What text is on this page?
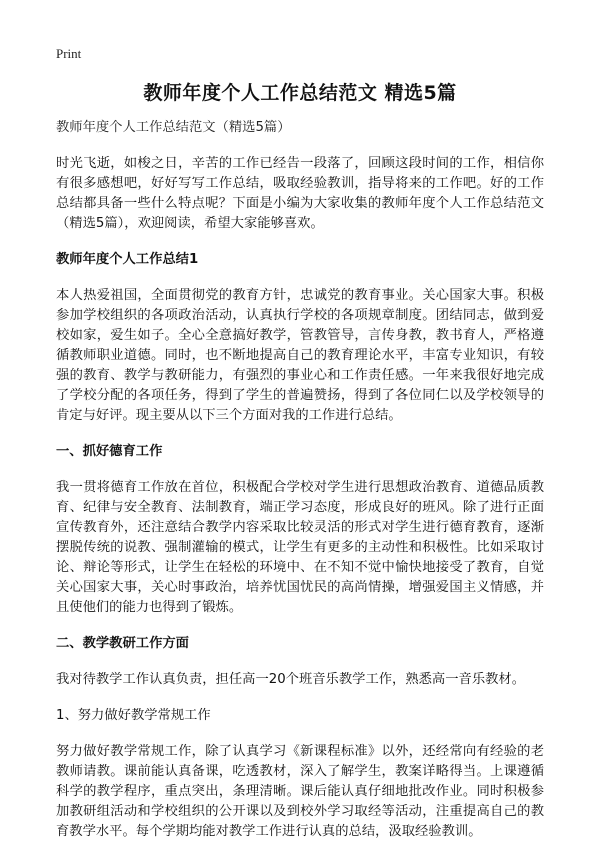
Print
教师年度个人工作总结范文 精选5篇

教师年度个人工作总结范文（精选5篇）

时光飞逝，如梭之日，辛苦的工作已经告一段落了，回顾这段时间的工作，相信你有很多感想吧，好好写写工作总结，吸取经验教训，指导将来的工作吧。好的工作总结都具备一些什么特点呢？下面是小编为大家收集的教师年度个人工作总结范文（精选5篇），欢迎阅读，希望大家能够喜欢。

教师年度个人工作总结1

本人热爱祖国，全面贯彻党的教育方针，忠诚党的教育事业。关心国家大事。积极参加学校组织的各项政治活动，认真执行学校的各项规章制度。团结同志，做到爱校如家，爱生如子。全心全意搞好教学，管教管导，言传身教，教书育人，严格遵循教师职业道德。同时，也不断地提高自己的教育理论水平，丰富专业知识，有较强的教育、教学与教研能力，有强烈的事业心和工作责任感。一年来我很好地完成了学校分配的各项任务，得到了学生的普遍赞扬，得到了各位同仁以及学校领导的肯定与好评。现主要从以下三个方面对我的工作进行总结。

一、抓好德育工作

我一贯将德育工作放在首位，积极配合学校对学生进行思想政治教育、道德品质教育、纪律与安全教育、法制教育，端正学习态度，形成良好的班风。除了进行正面宣传教育外，还注意结合教学内容采取比较灵活的形式对学生进行德育教育，逐渐摆脱传统的说教、强制灌输的模式，让学生有更多的主动性和积极性。比如采取讨论、辩论等形式，让学生在轻松的环境中、在不知不觉中愉快地接受了教育，自觉关心国家大事，关心时事政治，培养忧国忧民的高尚情操，增强爱国主义情感，并且使他们的能力也得到了锻炼。

二、教学教研工作方面

我对待教学工作认真负责，担任高一20个班音乐教学工作，熟悉高一音乐教材。

1、努力做好教学常规工作

努力做好教学常规工作，除了认真学习《新课程标准》以外，还经常向有经验的老教师请教。课前能认真备课，吃透教材，深入了解学生，教案详略得当。上课遵循科学的教学程序，重点突出，条理清晰。课后能认真仔细地批改作业。同时积极参加教研组活动和学校组织的公开课以及到校外学习取经等活动，注重提高自己的教育教学水平。每个学期均能对教学工作进行认真的总结，汲取经验教训。
